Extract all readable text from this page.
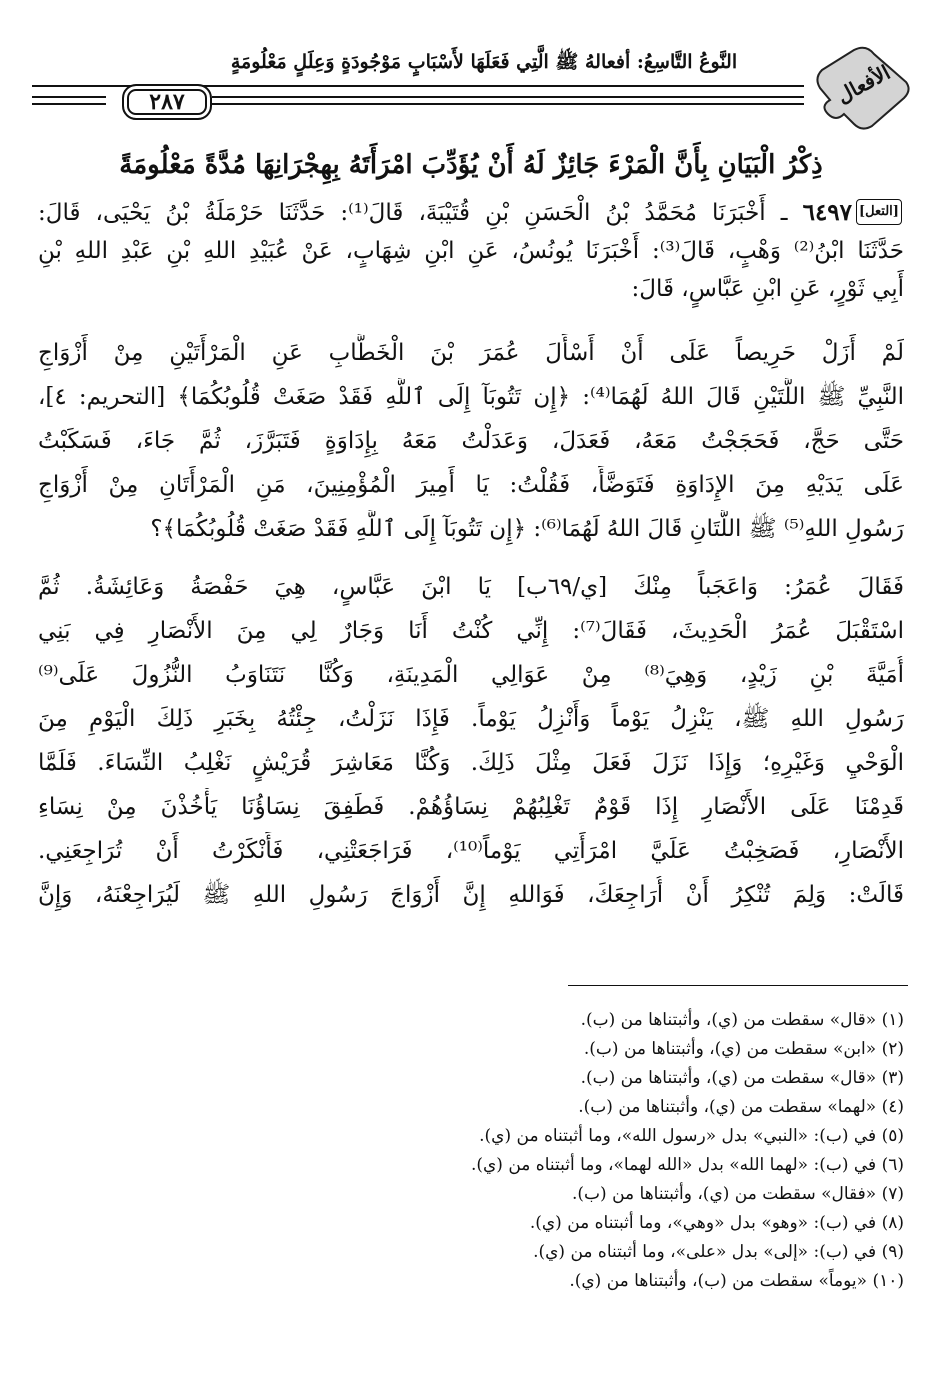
الأفعال
النَّوعُ التَّاسِعُ: أفعالهُ ﷺ الَّتِي فَعَلَهَا لأَسْبَابٍ مَوْجُودَةٍ وَعِلَلٍ مَعْلُومَةٍ
٢٨٧
ذِكْرُ الْبَيَانِ بِأَنَّ الْمَرْءَ جَائِزٌ لَهُ أَنْ يُؤَدِّبَ امْرَأَتَهُ بِهِجْرَانِهَا مُدَّةً مَعْلُومَةً
[التعل]
٦٤٩٧ ـ أَخْبَرَنَا مُحَمَّدُ بْنُ الْحَسَنِ بْنِ قُتَيْبَةَ، قَالَ⁽¹⁾: حَدَّثَنَا حَرْمَلَةُ بْنُ يَحْيَى، قَالَ:
حَدَّثَنَا ابْنُ⁽²⁾ وَهْبٍ، قَالَ⁽³⁾: أَخْبَرَنَا يُونُسُ، عَنِ ابْنِ شِهَابٍ، عَنْ عُبَيْدِ اللهِ بْنِ عَبْدِ اللهِ بْنِ
أَبِي ثَوْرٍ، عَنِ ابْنِ عَبَّاسٍ، قَالَ:
لَمْ أَزَلْ حَرِيصاً عَلَى أَنْ أَسْأَلَ عُمَرَ بْنَ الْخَطَّابِ عَنِ الْمَرْأَتَيْنِ مِنْ أَزْوَاجِ
النَّبِيِّ ﷺ اللَّتَيْنِ قَالَ اللهُ لَهُمَا⁽⁴⁾: ﴿إِن تَتُوبَآ إِلَى ٱللَّهِ فَقَدْ صَغَتْ قُلُوبُكُمَا﴾ [التحريم: ٤]،
حَتَّى حَجَّ، فَحَجَجْتُ مَعَهُ، فَعَدَلَ، وَعَدَلْتُ مَعَهُ بِإِدَاوَةٍ فَتَبَرَّزَ، ثُمَّ جَاءَ، فَسَكَبْتُ
عَلَى يَدَيْهِ مِنَ الإِدَاوَةِ فَتَوَضَّأَ، فَقُلْتُ: يَا أَمِيرَ الْمُؤْمِنِينَ، مَنِ الْمَرْأَتَانِ مِنْ أَزْوَاجِ
رَسُولِ اللهِ⁽⁵⁾ ﷺ اللَّتَانِ قَالَ اللهُ لَهُمَا⁽⁶⁾: ﴿إِن تَتُوبَآ إِلَى ٱللَّهِ فَقَدْ صَغَتْ قُلُوبُكُمَا﴾؟
فَقَالَ عُمَرُ: وَاعَجَباً مِنْكَ [ي/٦٩ب] يَا ابْنَ عَبَّاسٍ، هِيَ حَفْصَةُ وَعَائِشَةُ. ثُمَّ
اسْتَقْبَلَ عُمَرُ الْحَدِيثَ، فَقَالَ⁽⁷⁾: إِنِّي كُنْتُ أَنَا وَجَارٌ لِي مِنَ الأَنْصَارِ فِي بَنِي
أُمَيَّةَ بْنِ زَيْدٍ، وَهِيَ⁽⁸⁾ مِنْ عَوَالِي الْمَدِينَةِ، وَكُنَّا نَتَنَاوَبُ النُّزُولَ عَلَى⁽⁹⁾
رَسُولِ اللهِ ﷺ، يَنْزِلُ يَوْماً وَأَنْزِلُ يَوْماً. فَإِذَا نَزَلْتُ، جِئْتُهُ بِخَبَرِ ذَلِكَ الْيَوْمِ مِنَ
الْوَحْيِ وَغَيْرِهِ؛ وَإِذَا نَزَلَ فَعَلَ مِثْلَ ذَلِكَ. وَكُنَّا مَعَاشِرَ قُرَيْشٍ نَغْلِبُ النِّسَاءَ. فَلَمَّا
قَدِمْنَا عَلَى الأَنْصَارِ إِذَا قَوْمٌ تَغْلِبُهُمْ نِسَاؤُهُمْ. فَطَفِقَ نِسَاؤُنَا يَأْخُذْنَ مِنْ نِسَاءِ
الأَنْصَارِ، فَصَخِبْتُ عَلَيَّ امْرَأَتِي يَوْماً⁽¹⁰⁾، فَرَاجَعَتْنِي، فَأَنْكَرْتُ أَنْ تُرَاجِعَنِي.
قَالَتْ: وَلِمَ تُنْكِرُ أَنْ أُرَاجِعَكَ، فَوَاللهِ إِنَّ أَزْوَاجَ رَسُولِ اللهِ ﷺ لَيُرَاجِعْنَهُ، وَإِنَّ
(١) «قال» سقطت من (ي)، وأثبتناها من (ب).
(٢) «ابن» سقطت من (ي)، وأثبتناها من (ب).
(٣) «قال» سقطت من (ي)، وأثبتناها من (ب).
(٤) «لهما» سقطت من (ي)، وأثبتناها من (ب).
(٥) في (ب): «النبي» بدل «رسول الله»، وما أثبتناه من (ي).
(٦) في (ب): «لهما الله» بدل «الله لهما»، وما أثبتناه من (ي).
(٧) «فقال» سقطت من (ي)، وأثبتناها من (ب).
(٨) في (ب): «وهو» بدل «وهي»، وما أثبتناه من (ي).
(٩) في (ب): «إلى» بدل «على»، وما أثبتناه من (ي).
(١٠) «يوماً» سقطت من (ب)، وأثبتناها من (ي).
